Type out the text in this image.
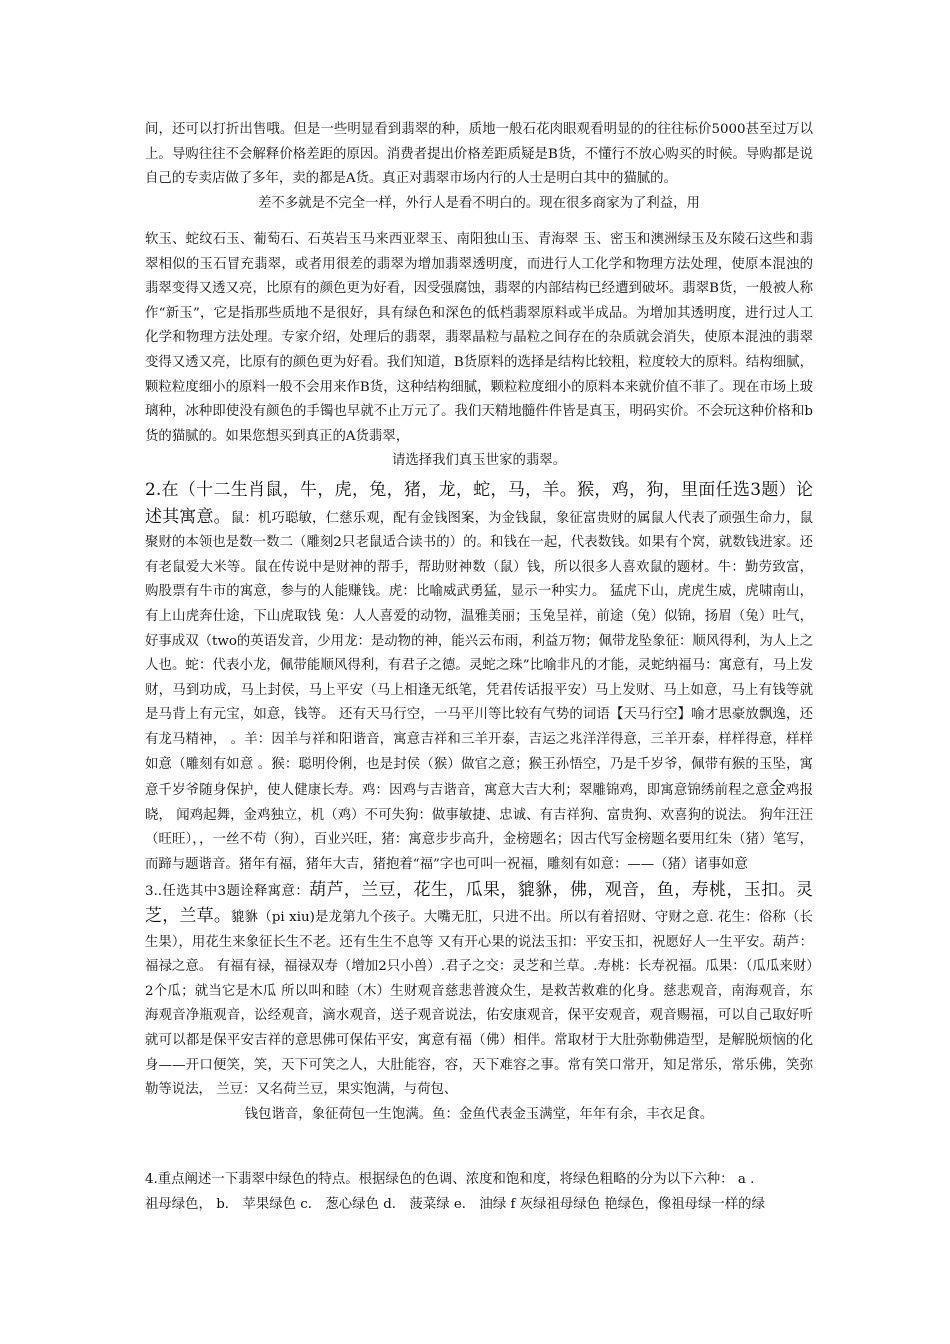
间，还可以打折出售哦。但是一些明显看到翡翠的种，质地一般石花肉眼观看明显的的往往标价5000甚至过万以上。导购往往不会解释价格差距的原因。消费者提出价格差距质疑是B货，不懂行不放心购买的时候。导购都是说自己的专卖店做了多年，卖的都是A货。真正对翡翠市场内行的人士是明白其中的猫腻的。

差不多就是不完全一样，外行人是看不明白的。现在很多商家为了利益，用

软玉、蛇纹石玉、葡萄石、石英岩玉马来西亚翠玉、南阳独山玉、青海翠 玉、密玉和澳洲绿玉及东陵石这些和翡翠相似的玉石冒充翡翠，或者用很差的翡翠为增加翡翠透明度，而进行人工化学和物理方法处理，使原本混浊的翡翠变得又透又亮，比原有的颜色更为好看，因受强腐蚀，翡翠的内部结构已经遭到破坏。翡翠B货，一般被人称作“新玉”，它是指那些质地不是很好，具有绿色和深色的低档翡翠原料或半成品。为增加其透明度，进行过人工化学和物理方法处理。专家介绍，处理后的翡翠，翡翠晶粒与晶粒之间存在的杂质就会消失，使原本混浊的翡翠变得又透又亮，比原有的颜色更为好看。我们知道，B货原料的选择是结构比较粗，粒度较大的原料。结构细腻，颗粒粒度细小的原料一般不会用来作B货，这种结构细腻，颗粒粒度细小的原料本来就价值不菲了。现在市场上玻璃种，冰种即使没有颜色的手镯也早就不止万元了。我们天精地髓件件皆是真玉，明码实价。不会玩这种价格和b货的猫腻的。如果您想买到真正的A货翡翠，

请选择我们真玉世家的翡翠。

2.在（十二生肖鼠，牛，虎，兔，猪，龙，蛇，马，羊。猴，鸡，狗，里面任选3题）论述其寓意。鼠：机巧聪敏，仁慈乐观，配有金钱图案，为金钱鼠，象征富贵财的属鼠人代表了顽强生命力，鼠聚财的本领也是数一数二（雕刻2只老鼠适合读书的）的。和钱在一起，代表数钱。如果有个窝，就数钱进家。还有老鼠爱大米等。鼠在传说中是财神的帮手，帮助财神数（鼠）钱，所以很多人喜欢鼠的题材。牛：勤劳致富，购股票有牛市的寓意，参与的人能赚钱。虎：比喻威武勇猛，显示一种实力。 猛虎下山，虎虎生威，虎啸南山，有上山虎奔仕途，下山虎取钱 兔：人人喜爱的动物，温雅美丽；玉兔呈祥，前途（兔）似锦，扬眉（兔）吐气，好事成双（two的英语发音，少用龙：是动物的神，能兴云布雨，利益万物；佩带龙坠象征：顺风得利，为人上之人也。蛇：代表小龙，佩带能顺风得利，有君子之德。灵蛇之珠”比喻非凡的才能，灵蛇纳福马：寓意有，马上发财，马到功成，马上封侯，马上平安（马上相逢无纸笔，凭君传话报平安）马上发财、马上如意，马上有钱等就是马背上有元宝，如意，钱等。 还有天马行空，一马平川等比较有气势的词语【天马行空】喻才思豪放飘逸，还有龙马精神， 。羊：因羊与祥和阳谐音，寓意吉祥和三羊开泰，吉运之兆洋洋得意，三羊开泰，样样得意，样样如意（雕刻有如意 。猴：聪明伶俐，也是封侯（猴）做官之意；猴王孙悟空，乃是千岁爷，佩带有猴的玉坠，寓意千岁爷随身保护，使人健康长寿。鸡：因鸡与吉谐音，寓意大吉大利；翠雕锦鸡，即寓意锦绣前程之意金鸡报晓， 闻鸡起舞，金鸡独立，机（鸡）不可失狗：做事敏捷、忠诚、有吉祥狗、富贵狗、欢喜狗的说法。 狗年汪汪（旺旺），，一丝不苟（狗），百业兴旺，猪：寓意步步高升，金榜题名；因古代写金榜题名要用红朱（猪）笔写，而蹄与题谐音。猪年有福，猪年大吉，猪抱着“福”字也可叫一祝福，雕刻有如意：——（猪）诸事如意

3..任选其中3题诠释寓意：葫芦，兰豆，花生，瓜果，貔貅，佛，观音，鱼，寿桃，玉扣。灵芝，兰草。貔貅（pi xiu)是龙第九个孩子。大嘴无肛，只进不出。所以有着招财、守财之意. 花生：俗称（长生果），用花生来象征长生不老。还有生生不息等 又有开心果的说法玉扣：平安玉扣，祝愿好人一生平安。葫芦：福禄之意。 有福有禄，福禄双寿（增加2只小兽）.君子之交：灵芝和兰草。.寿桃：长寿祝福。瓜果：（瓜瓜来财）2个瓜；就当它是木瓜 所以叫和睦（木）生财观音慈悲普渡众生，是救苦救难的化身。慈悲观音，南海观音，东海观音净瓶观音，讼经观音，滴水观音，送子观音说法，佑安康观音，保平安观音，观音赐福，可以自己取好听就可以都是保平安吉祥的意思佛可保佑平安，寓意有福（佛）相伴。常取材于大肚弥勒佛造型，是解脱烦恼的化身——开口便笑，笑，天下可笑之人，大肚能容，容，天下难容之事。常有笑口常开，知足常乐，常乐佛，笑弥勒等说法， 兰豆：又名荷兰豆，果实饱满，与荷包、

钱包谐音，象征荷包一生饱满。鱼：金鱼代表金玉满堂，年年有余，丰衣足食。

4.重点阐述一下翡翠中绿色的特点。根据绿色的色调、浓度和饱和度，将绿色粗略的分为以下六种： a .
祖母绿色， b． 苹果绿色 c． 葱心绿色 d． 菠菜绿 e． 油绿 f 灰绿祖母绿色 艳绿色，像祖母绿一样的绿
